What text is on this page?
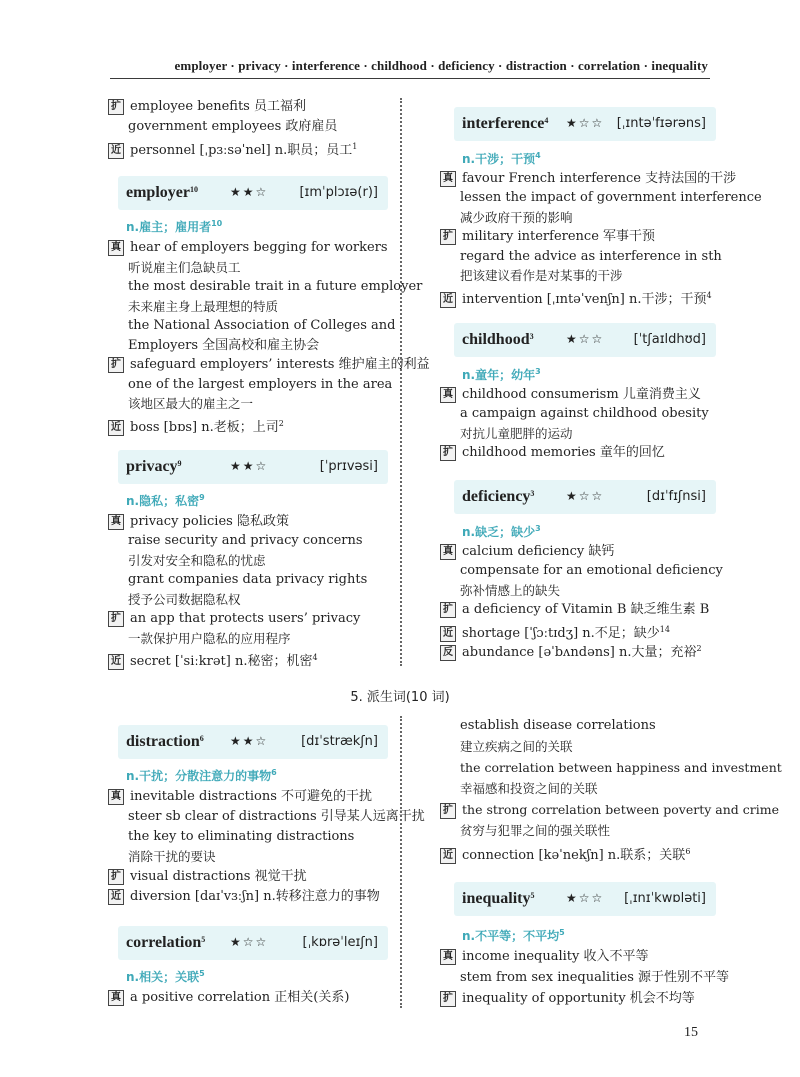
employer · privacy · interference · childhood · deficiency · distraction · correlation · inequality
扩 employee benefits 员工福利
government employees 政府雇员
近 personnel [ˌpɜːsəˈnel] n.职员；员工$^1$
employer$^{10}$	★★☆ [ɪmˈplɔɪə(r)]
n.雇主；雇用者$^{10}$
真 hear of employers begging for workers
听说雇主们急缺员工
the most desirable trait in a future employer
未来雇主身上最理想的特质
the National Association of Colleges and
Employers 全国高校和雇主协会
扩 safeguard employers’ interests 维护雇主的利益
one of the largest employers in the area
该地区最大的雇主之一
近 boss [bɒs] n.老板；上司$^2$
privacy$^9$	★★☆	[ˈprɪvəsi]
n.隐私；私密$^9$
真 privacy policies 隐私政策
raise security and privacy concerns
引发对安全和隐私的忧虑
grant companies data privacy rights
授予公司数据隐私权
扩 an app that protects users’ privacy
一款保护用户隐私的应用程序
近 secret [ˈsiːkrət] n.秘密；机密$^4$
interference$^4$ ★☆☆ [ˌɪntəˈfɪərəns]
n.干涉；干预$^4$
真 favour French interference 支持法国的干涉
lessen the impact of government interference
减少政府干预的影响
扩 military interference 军事干预
regard the advice as interference in sth
把该建议看作是对某事的干涉
近 intervention [ˌɪntəˈvenʃn] n.干涉；干预$^4$
childhood$^3$	★☆☆ [ˈtʃaɪldhʊd]
n.童年；幼年$^3$
真 childhood consumerism 儿童消费主义
a campaign against childhood obesity
对抗儿童肥胖的运动
扩 childhood memories 童年的回忆
deficiency$^3$	★☆☆	[dɪˈfɪʃnsi]
n.缺乏；缺少$^3$
真 calcium deficiency 缺钙
compensate for an emotional deficiency
弥补情感上的缺失
扩 a deficiency of Vitamin B 缺乏维生素 B
近 shortage [ˈʃɔːtɪdʒ] n.不足；缺少$^{14}$
反 abundance [əˈbʌndəns] n.大量；充裕$^2$
5. 派生词(10 词)
distraction$^6$ ★★☆	[dɪˈstrækʃn]
n.干扰；分散注意力的事物$^6$
真 inevitable distractions 不可避免的干扰
steer sb clear of distractions 引导某人远离干扰
the key to eliminating distractions
消除干扰的要诀
扩 visual distractions 视觉干扰
近 diversion [daɪˈvɜːʃn] n.转移注意力的事物
correlation$^5$ ★☆☆	[ˌkɒrəˈleɪʃn]
n.相关；关联$^5$
真 a positive correlation 正相关(关系)
establish disease correlations
建立疾病之间的关联
the correlation between happiness and investment
幸福感和投资之间的关联
扩 the strong correlation between poverty and crime
贫穷与犯罪之间的强关联性
近 connection [kəˈnekʃn] n.联系；关联$^6$
inequality$^5$	★☆☆ [ˌɪnɪˈkwɒləti]
n.不平等；不平均$^5$
真 income inequality 收入不平等
stem from sex inequalities 源于性别不平等
扩 inequality of opportunity 机会不均等
15
